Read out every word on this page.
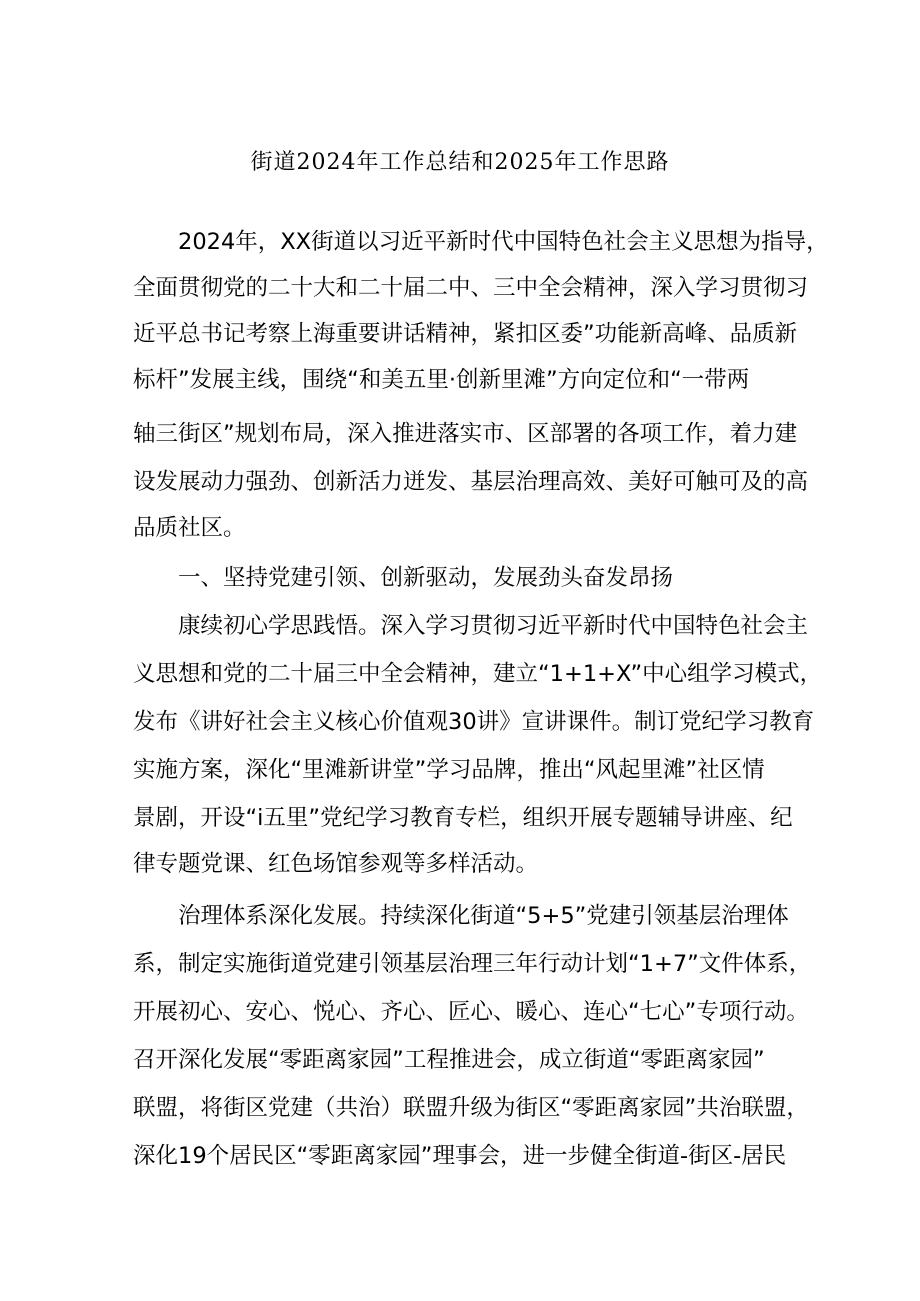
街道2024年工作总结和2025年工作思路
2024年，XX街道以习近平新时代中国特色社会主义思想为指导，
全面贯彻党的二十大和二十届二中、三中全会精神，深入学习贯彻习
近平总书记考察上海重要讲话精神，紧扣区委”功能新高峰、品质新
标杆”发展主线，围绕“和美五里·创新里滩”方向定位和“一带两
轴三街区”规划布局，深入推进落实市、区部署的各项工作，着力建
设发展动力强劲、创新活力迸发、基层治理高效、美好可触可及的高
品质社区。
一、坚持党建引领、创新驱动，发展劲头奋发昂扬
康续初心学思践悟。深入学习贯彻习近平新时代中国特色社会主
义思想和党的二十届三中全会精神，建立“1+1+X”中心组学习模式，
发布《讲好社会主义核心价值观30讲》宣讲课件。制订党纪学习教育
实施方案，深化“里滩新讲堂”学习品牌，推出“风起里滩”社区情
景剧，开设“i五里”党纪学习教育专栏，组织开展专题辅导讲座、纪
律专题党课、红色场馆参观等多样活动。
治理体系深化发展。持续深化街道“5+5”党建引领基层治理体
系，制定实施街道党建引领基层治理三年行动计划“1+7”文件体系，
开展初心、安心、悦心、齐心、匠心、暖心、连心“七心”专项行动。
召开深化发展“零距离家园”工程推进会，成立街道“零距离家园”
联盟，将街区党建（共治）联盟升级为街区“零距离家园”共治联盟，
深化19个居民区“零距离家园”理事会，进一步健全街道-街区-居民
